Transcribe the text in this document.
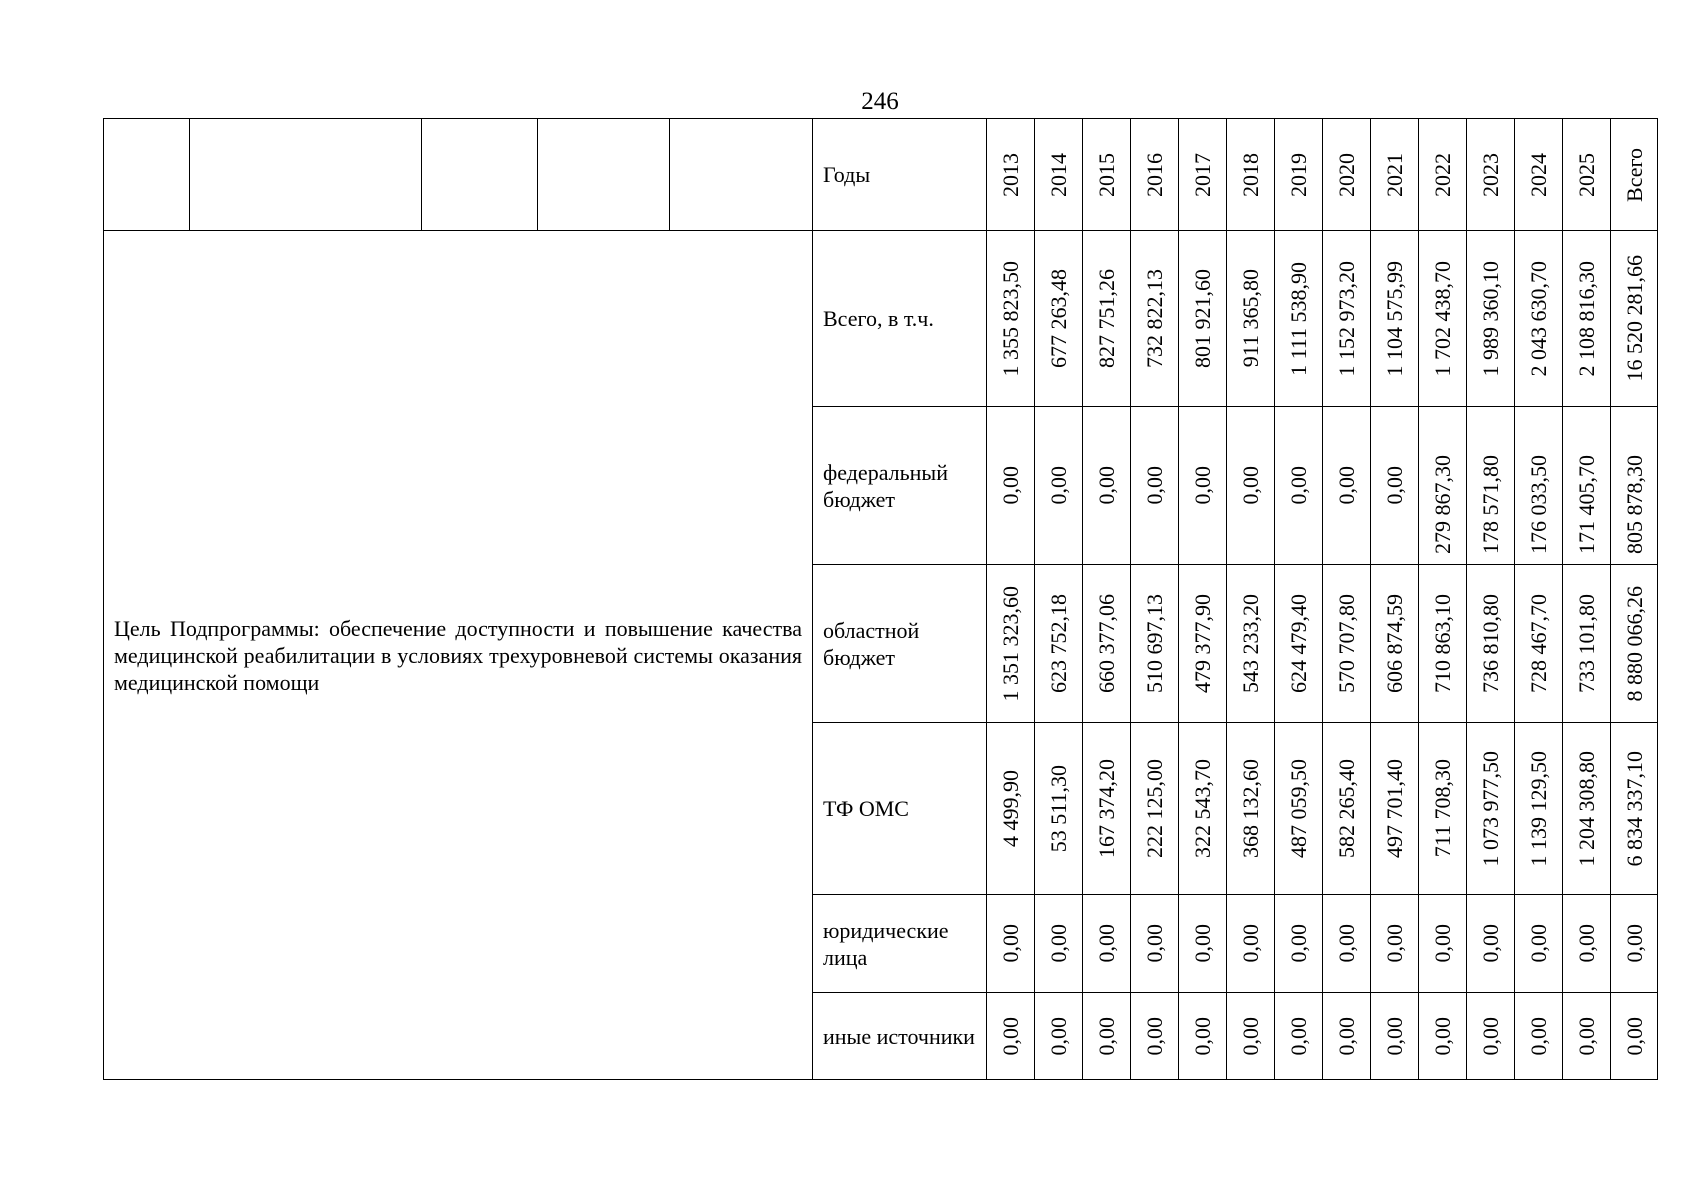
246
					Годы	2013	2014	2015	2016	2017	2018	2019	2020	2021	2022	2023	2024	2025	Всего

Цель Подпрограммы: обеспечение доступности и повышение качества медицинской реабилитации в условиях трехуровневой системы оказания медицинской помощи					Всего, в т.ч.	1 355 823,50	677 263,48	827 751,26	732 822,13	801 921,60	911 365,80	1 111 538,90	1 152 973,20	1 104 575,99	1 702 438,70	1 989 360,10	2 043 630,70	2 108 816,30	16 520 281,66

					федеральный бюджет	0,00	0,00	0,00	0,00	0,00	0,00	0,00	0,00	0,00	279 867,30	178 571,80	176 033,50	171 405,70	805 878,30

					областной бюджет	1 351 323,60	623 752,18	660 377,06	510 697,13	479 377,90	543 233,20	624 479,40	570 707,80	606 874,59	710 863,10	736 810,80	728 467,70	733 101,80	8 880 066,26

					ТФ ОМС	4 499,90	53 511,30	167 374,20	222 125,00	322 543,70	368 132,60	487 059,50	582 265,40	497 701,40	711 708,30	1 073 977,50	1 139 129,50	1 204 308,80	6 834 337,10

					юридические лица	0,00	0,00	0,00	0,00	0,00	0,00	0,00	0,00	0,00	0,00	0,00	0,00	0,00	0,00

					иные источники	0,00	0,00	0,00	0,00	0,00	0,00	0,00	0,00	0,00	0,00	0,00	0,00	0,00	0,00
